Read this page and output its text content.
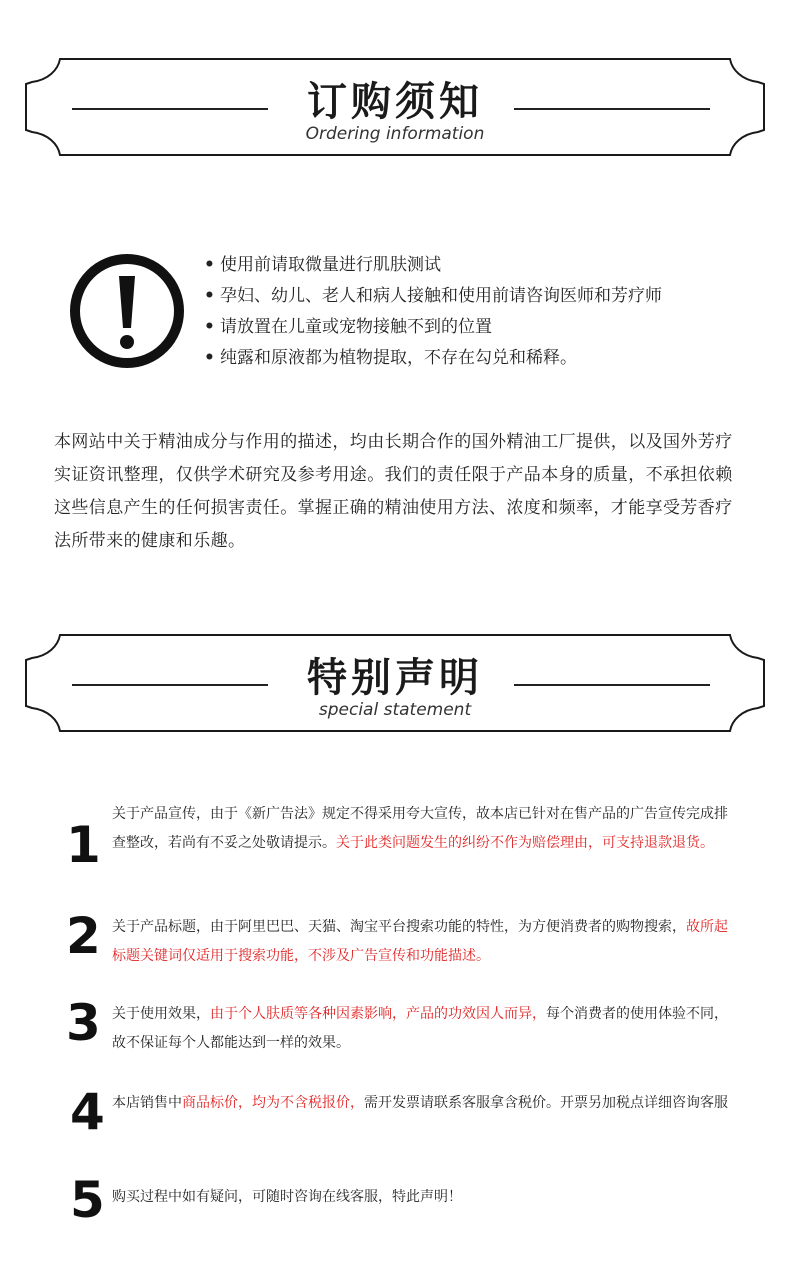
订购须知
Ordering information
• 使用前请取微量进行肌肤测试
• 孕妇、幼儿、老人和病人接触和使用前请咨询医师和芳疗师
• 请放置在儿童或宠物接触不到的位置
• 纯露和原液都为植物提取，不存在勾兑和稀释。

本网站中关于精油成分与作用的描述，均由长期合作的国外精油工厂提供，以及国外芳疗实证资讯整理，仅供学术研究及参考用途。我们的责任限于产品本身的质量，不承担依赖这些信息产生的任何损害责任。掌握正确的精油使用方法、浓度和频率，才能享受芳香疗法所带来的健康和乐趣。

特别声明
special statement
1
关于产品宣传，由于《新广告法》规定不得采用夸大宣传，故本店已针对在售产品的广告宣传完成排查整改，若尚有不妥之处敬请提示。关于此类问题发生的纠纷不作为赔偿理由，可支持退款退货。
2 关于产品标题，由于阿里巴巴、天猫、淘宝平台搜索功能的特性，为方便消费者的购物搜索，故所起标题关键词仅适用于搜索功能，不涉及广告宣传和功能描述。
3 关于使用效果，由于个人肤质等各种因素影响，产品的功效因人而异，每个消费者的使用体验不同，故不保证每个人都能达到一样的效果。
4 本店销售中商品标价，均为不含税报价，需开发票请联系客服拿含税价。开票另加税点详细咨询客服
5 购买过程中如有疑问，可随时咨询在线客服，特此声明！
